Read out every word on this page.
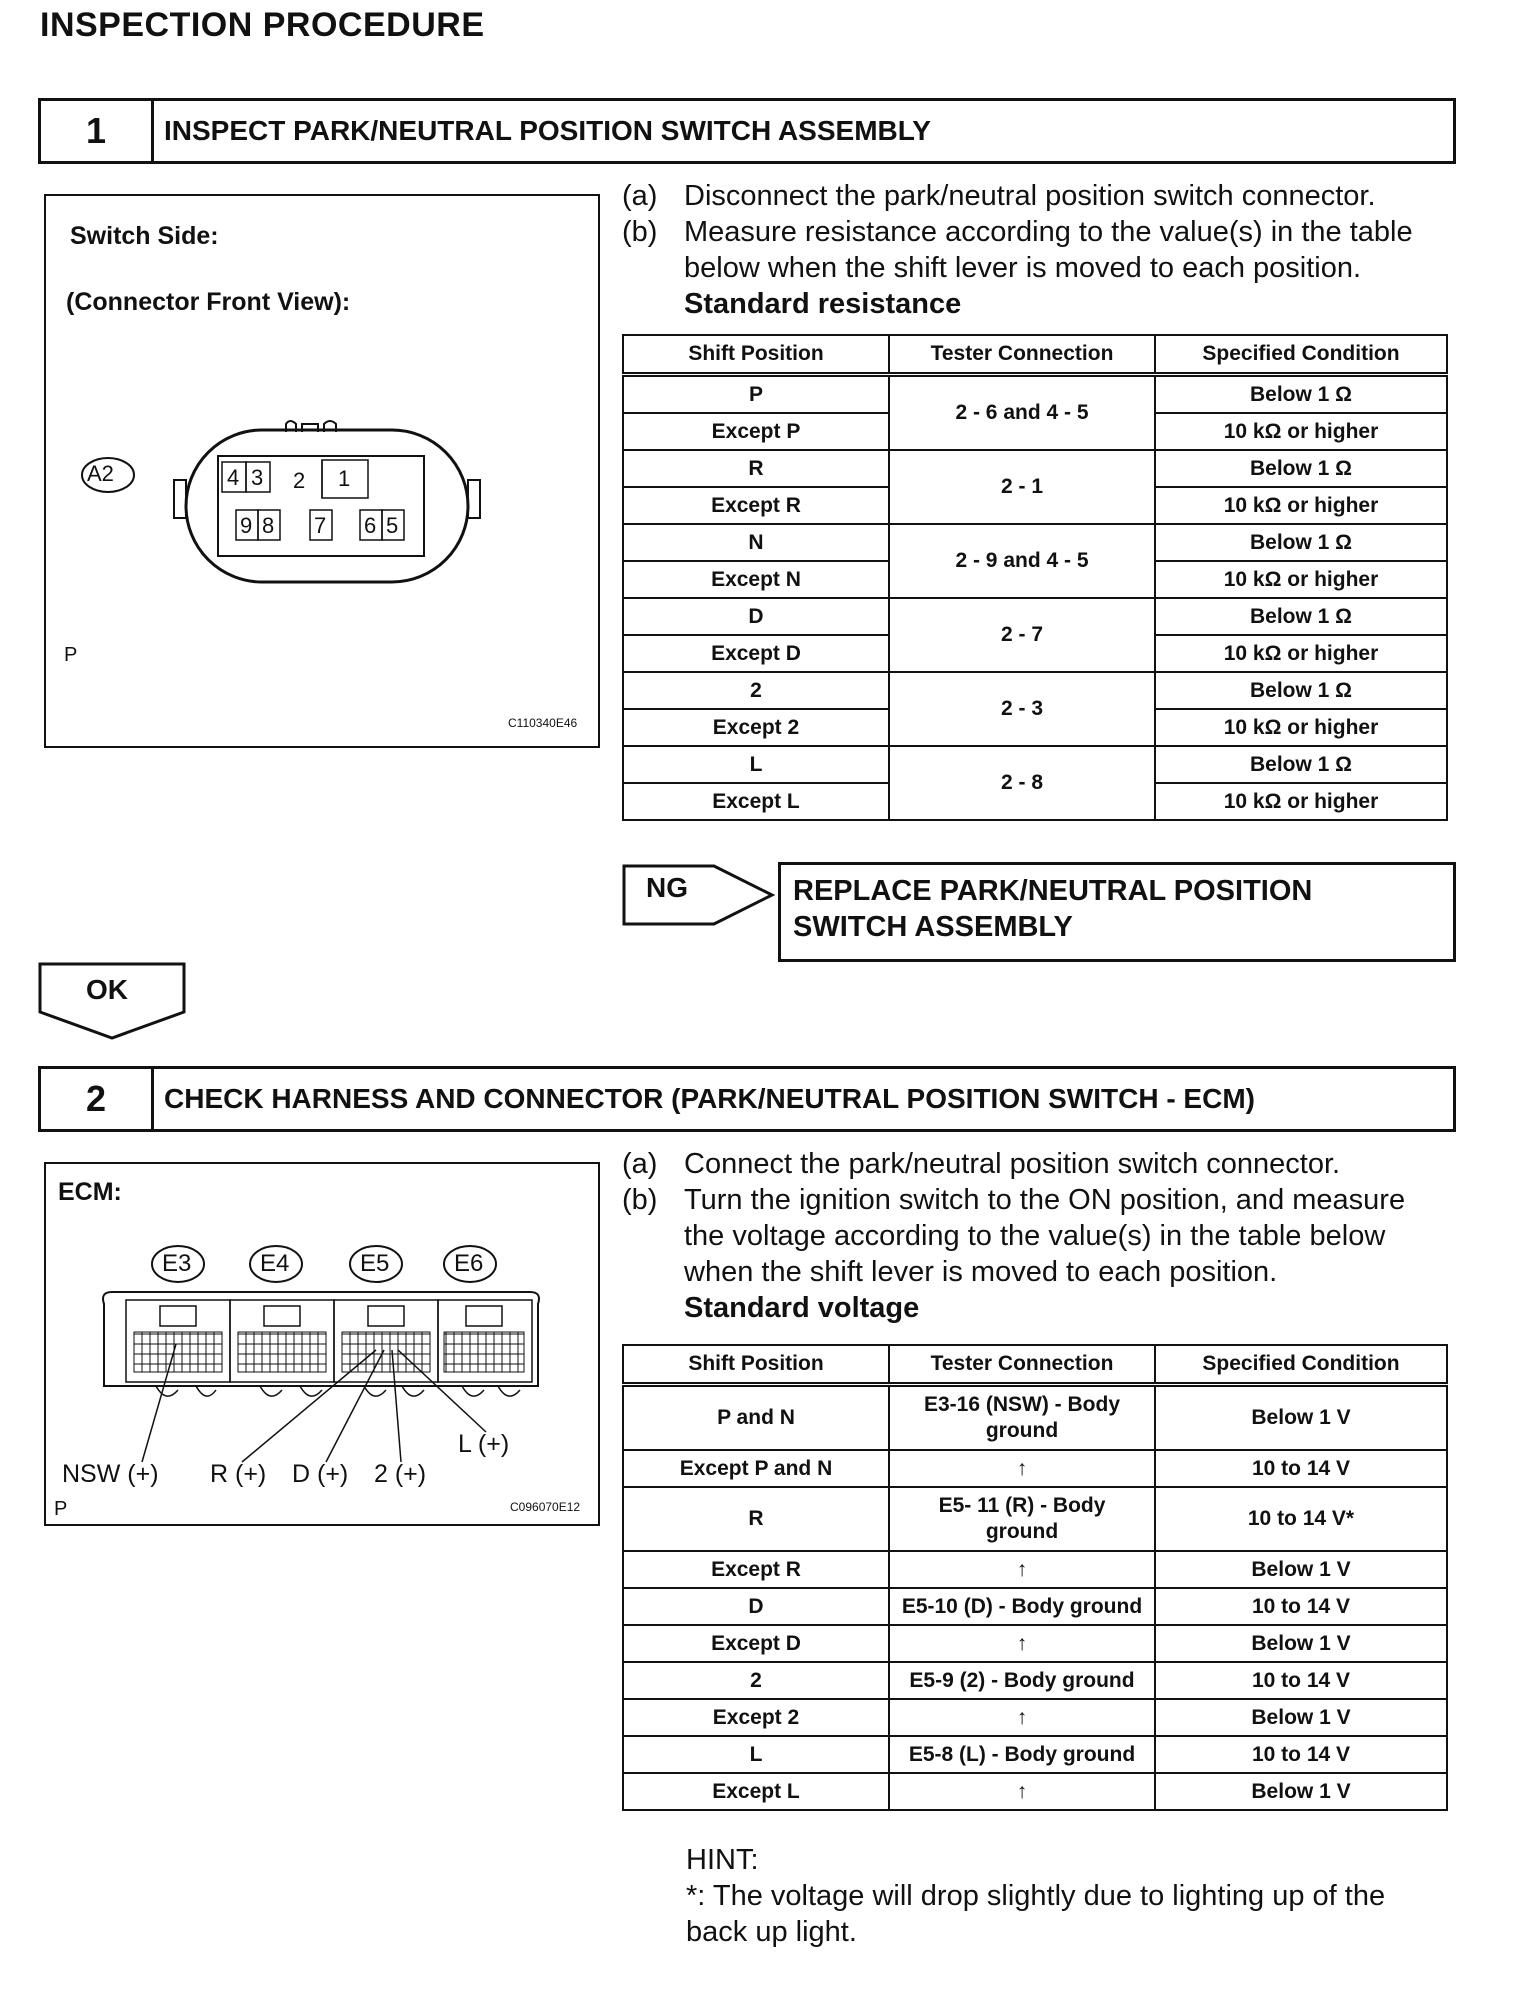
INSPECTION PROCEDURE
1	INSPECT PARK/NEUTRAL POSITION SWITCH ASSEMBLY
Switch Side:
(Connector Front View):
A2	4 3 2 1
9 8 7 6 5
P
C110340E46
(a) Disconnect the park/neutral position switch connector.
(b) Measure resistance according to the value(s) in the table
below when the shift lever is moved to each position.
Standard resistance
Shift Position	Tester Connection	Specified Condition
P	2 - 6 and 4 - 5	Below 1 Ω
Except P		10 kΩ or higher
R	2 - 1	Below 1 Ω
Except R		10 kΩ or higher
N	2 - 9 and 4 - 5	Below 1 Ω
Except N		10 kΩ or higher
D	2 - 7	Below 1 Ω
Except D		10 kΩ or higher
2	2 - 3	Below 1 Ω
Except 2		10 kΩ or higher
L	2 - 8	Below 1 Ω
Except L		10 kΩ or higher
NG	REPLACE PARK/NEUTRAL POSITION
SWITCH ASSEMBLY
OK
2	CHECK HARNESS AND CONNECTOR (PARK/NEUTRAL POSITION SWITCH - ECM)
ECM:
E3	E4	E5	E6
NSW (+) R (+) D (+) 2 (+)
L (+)
P	C096070E12
(a) Connect the park/neutral position switch connector.
(b) Turn the ignition switch to the ON position, and measure
the voltage according to the value(s) in the table below
when the shift lever is moved to each position.
Standard voltage
Shift Position	Tester Connection	Specified Condition
P and N	E3-16 (NSW) - Body
ground	Below 1 V
Except P and N	↑	10 to 14 V
R	E5- 11 (R) - Body
ground	10 to 14 V*
Except R	↑	Below 1 V
D	E5-10 (D) - Body ground	10 to 14 V
Except D	↑	Below 1 V
2	E5-9 (2) - Body ground	10 to 14 V
Except 2	↑	Below 1 V
L	E5-8 (L) - Body ground	10 to 14 V
Except L	↑	Below 1 V
HINT:
*: The voltage will drop slightly due to lighting up of the
back up light.
